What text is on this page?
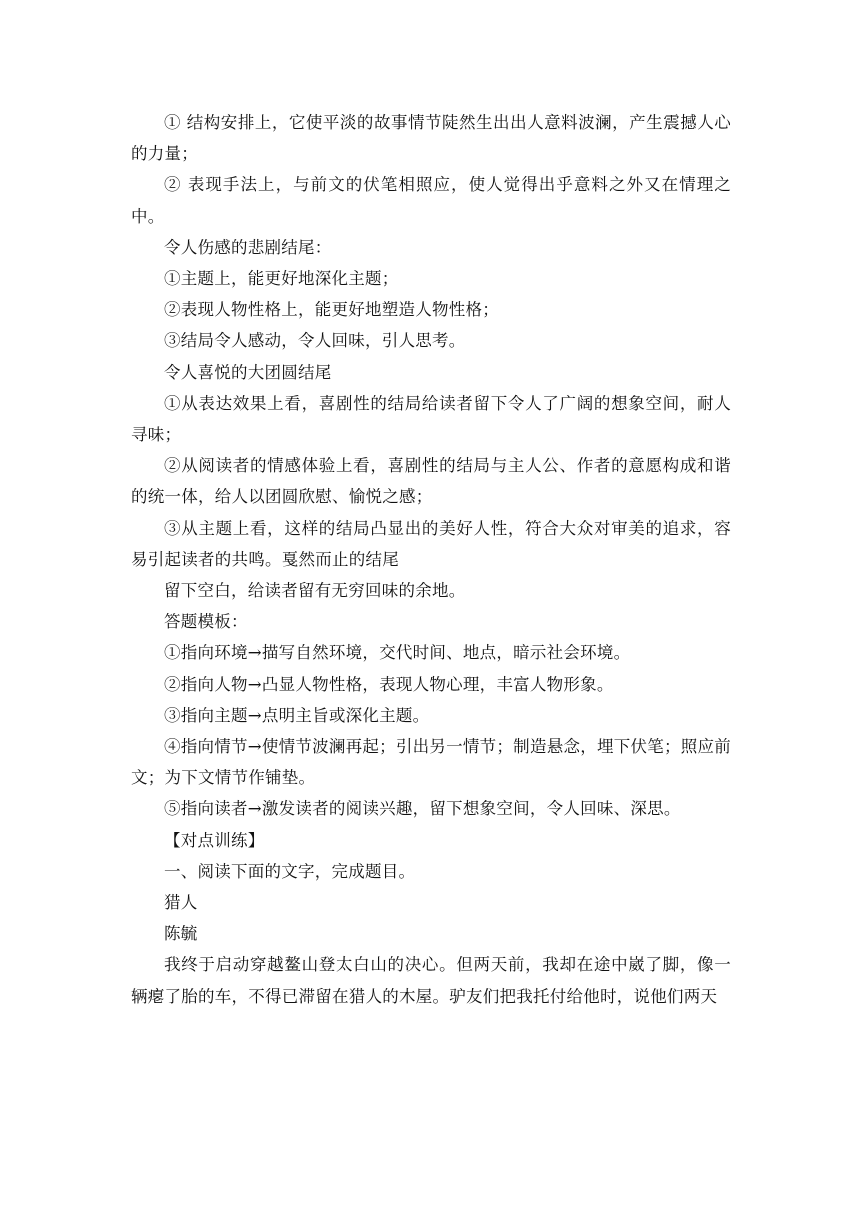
① 结构安排上，它使平淡的故事情节陡然生出出人意料波澜，产生震撼人心的力量；

② 表现手法上，与前文的伏笔相照应，使人觉得出乎意料之外又在情理之中。

令人伤感的悲剧结尾：

①主题上，能更好地深化主题；

②表现人物性格上，能更好地塑造人物性格；

③结局令人感动，令人回味，引人思考。

令人喜悦的大团圆结尾

①从表达效果上看，喜剧性的结局给读者留下令人了广阔的想象空间，耐人寻味；

②从阅读者的情感体验上看，喜剧性的结局与主人公、作者的意愿构成和谐的统一体，给人以团圆欣慰、愉悦之感；

③从主题上看，这样的结局凸显出的美好人性，符合大众对审美的追求，容易引起读者的共鸣。戛然而止的结尾

留下空白，给读者留有无穷回味的余地。

答题模板：

①指向环境→描写自然环境，交代时间、地点，暗示社会环境。

②指向人物→凸显人物性格，表现人物心理，丰富人物形象。

③指向主题→点明主旨或深化主题。

④指向情节→使情节波澜再起；引出另一情节；制造悬念，埋下伏笔；照应前文；为下文情节作铺垫。

⑤指向读者→激发读者的阅读兴趣，留下想象空间，令人回味、深思。

【对点训练】

一、阅读下面的文字，完成题目。

猎人

陈毓

我终于启动穿越鳌山登太白山的决心。但两天前，我却在途中崴了脚，像一辆瘪了胎的车，不得已滞留在猎人的木屋。驴友们把我托付给他时，说他们两天
